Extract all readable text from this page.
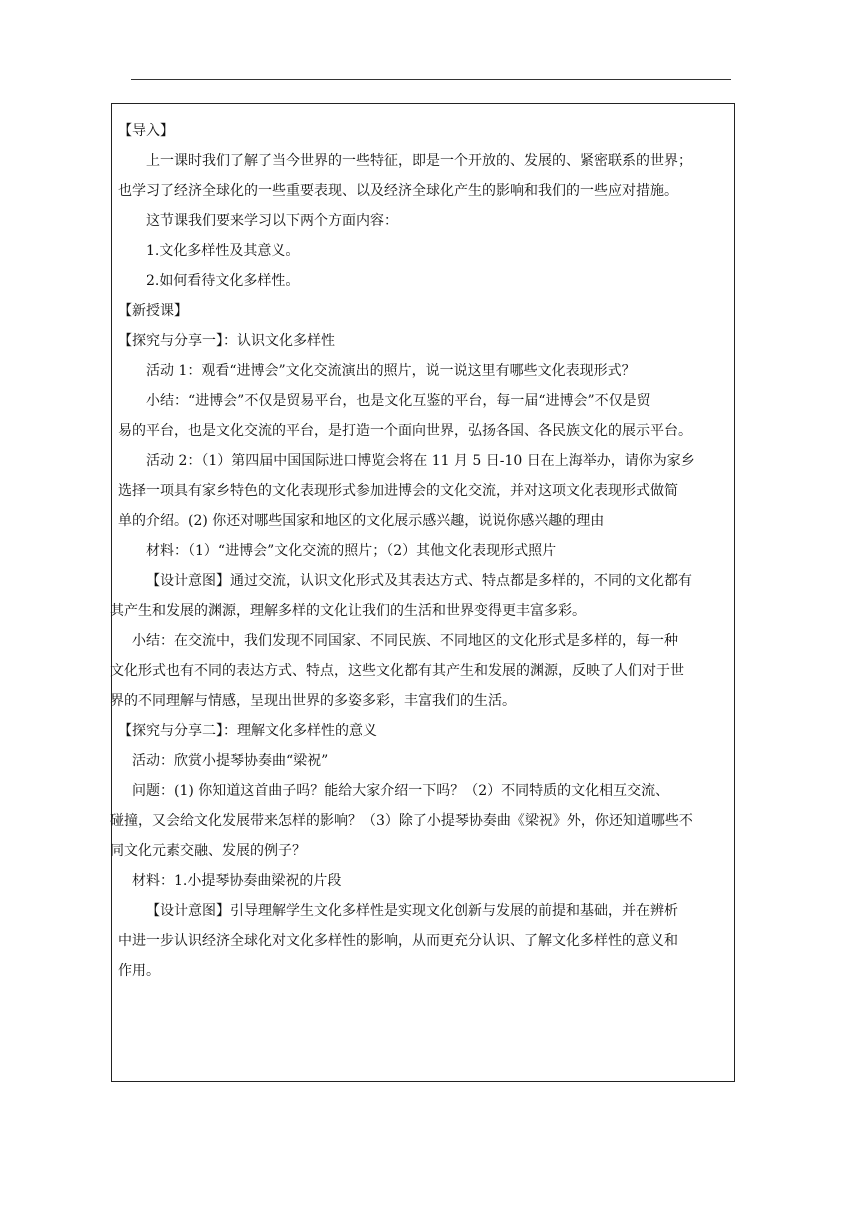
【导入】

上一课时我们了解了当今世界的一些特征，即是一个开放的、发展的、紧密联系的世界；

也学习了经济全球化的一些重要表现、以及经济全球化产生的影响和我们的一些应对措施。

这节课我们要来学习以下两个方面内容：

1.文化多样性及其意义。

2.如何看待文化多样性。

【新授课】

【探究与分享一】：认识文化多样性

活动 1：观看“进博会”文化交流演出的照片，说一说这里有哪些文化表现形式？

小结：“进博会”不仅是贸易平台，也是文化互鉴的平台，每一届“进博会”不仅是贸

易的平台，也是文化交流的平台，是打造一个面向世界，弘扬各国、各民族文化的展示平台。

活动 2：（1）第四届中国国际进口博览会将在 11 月 5 日-10 日在上海举办，请你为家乡

选择一项具有家乡特色的文化表现形式参加进博会的文化交流，并对这项文化表现形式做简

单的介绍。(2) 你还对哪些国家和地区的文化展示感兴趣，说说你感兴趣的理由

材料：（1）“进博会”文化交流的照片；（2）其他文化表现形式照片

【设计意图】通过交流，认识文化形式及其表达方式、特点都是多样的，不同的文化都有

其产生和发展的渊源，理解多样的文化让我们的生活和世界变得更丰富多彩。

小结：在交流中，我们发现不同国家、不同民族、不同地区的文化形式是多样的，每一种

文化形式也有不同的表达方式、特点，这些文化都有其产生和发展的渊源，反映了人们对于世

界的不同理解与情感，呈现出世界的多姿多彩，丰富我们的生活。

【探究与分享二】：理解文化多样性的意义

活动：欣赏小提琴协奏曲“梁祝”

问题：(1) 你知道这首曲子吗？能给大家介绍一下吗？（2）不同特质的文化相互交流、

碰撞，又会给文化发展带来怎样的影响？（3）除了小提琴协奏曲《梁祝》外，你还知道哪些不

同文化元素交融、发展的例子？

材料：1.小提琴协奏曲梁祝的片段

【设计意图】引导理解学生文化多样性是实现文化创新与发展的前提和基础，并在辨析

中进一步认识经济全球化对文化多样性的影响，从而更充分认识、了解文化多样性的意义和

作用。
